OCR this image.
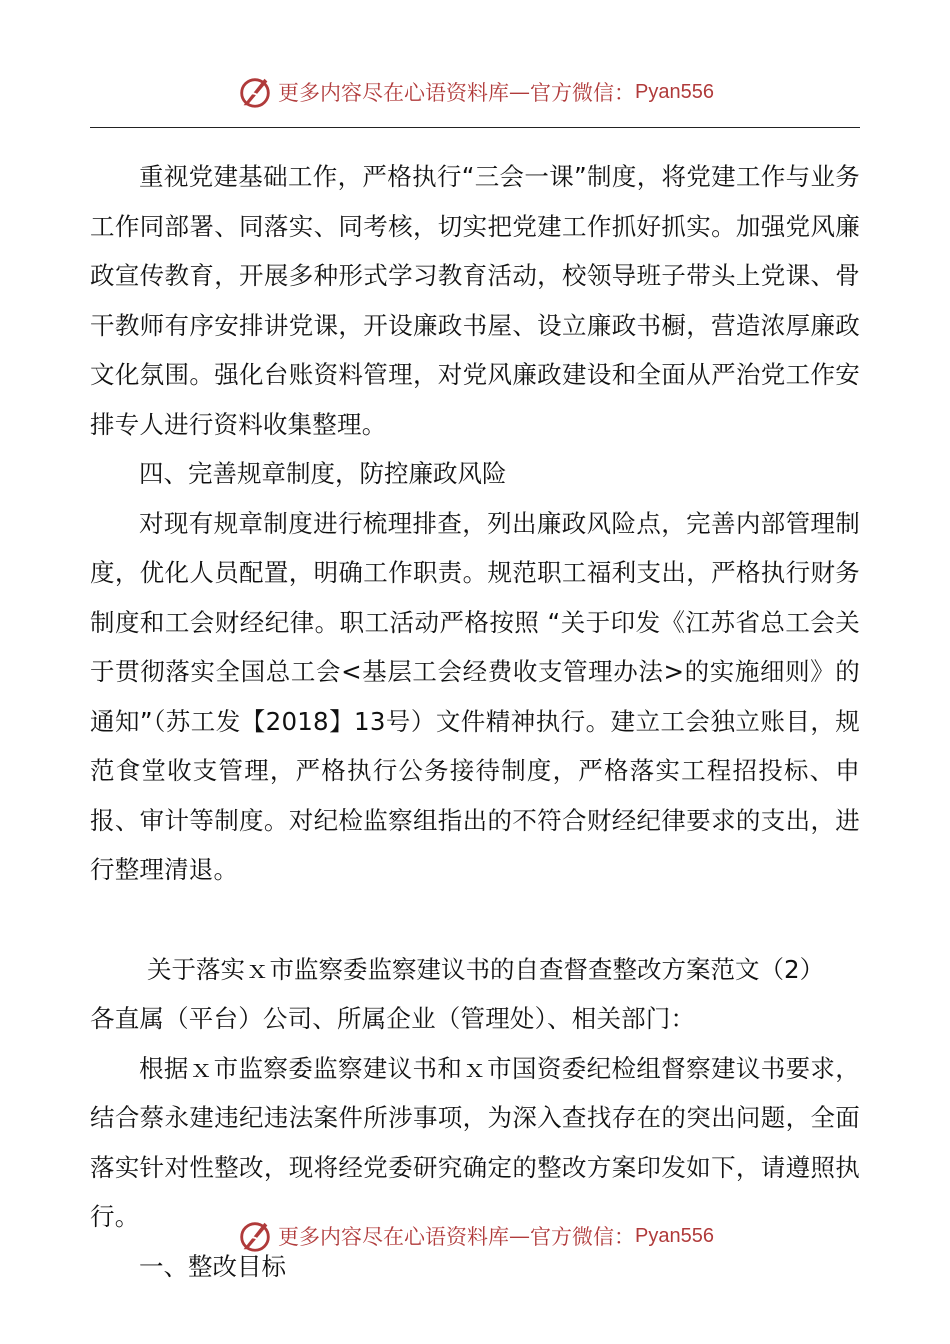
更多内容尽在心语资料库 — 官方微信： Pyan556

重视党建基础工作，严格执行“三会一课”制度，将党建工作与业务工作同部署、同落实、同考核，切实把党建工作抓好抓实。加强党风廉政宣传教育，开展多种形式学习教育活动，校领导班子带头上党课、骨干教师有序安排讲党课，开设廉政书屋、设立廉政书橱，营造浓厚廉政文化氛围。强化台账资料管理，对党风廉政建设和全面从严治党工作安排专人进行资料收集整理。

四、完善规章制度，防控廉政风险

对现有规章制度进行梳理排查，列出廉政风险点，完善内部管理制度，优化人员配置，明确工作职责。规范职工福利支出，严格执行财务制度和工会财经纪律。职工活动严格按照 “关于印发《江苏省总工会关于贯彻落实全国总工会<基层工会经费收支管理办法>的实施细则》的通知”（苏工发【2018】13号）文件精神执行。建立工会独立账目，规范食堂收支管理，严格执行公务接待制度，严格落实工程招投标、申报、审计等制度。对纪检监察组指出的不符合财经纪律要求的支出，进行整理清退。

关于落实ｘ市监察委监察建议书的自查督查整改方案范文（2）

各直属（平台）公司、所属企业（管理处）、相关部门：

根据ｘ市监察委监察建议书和ｘ市国资委纪检组督察建议书要求，结合蔡永建违纪违法案件所涉事项，为深入查找存在的突出问题，全面落实针对性整改，现将经党委研究确定的整改方案印发如下，请遵照执行。

一、整改目标

更多内容尽在心语资料库 — 官方微信： Pyan556
